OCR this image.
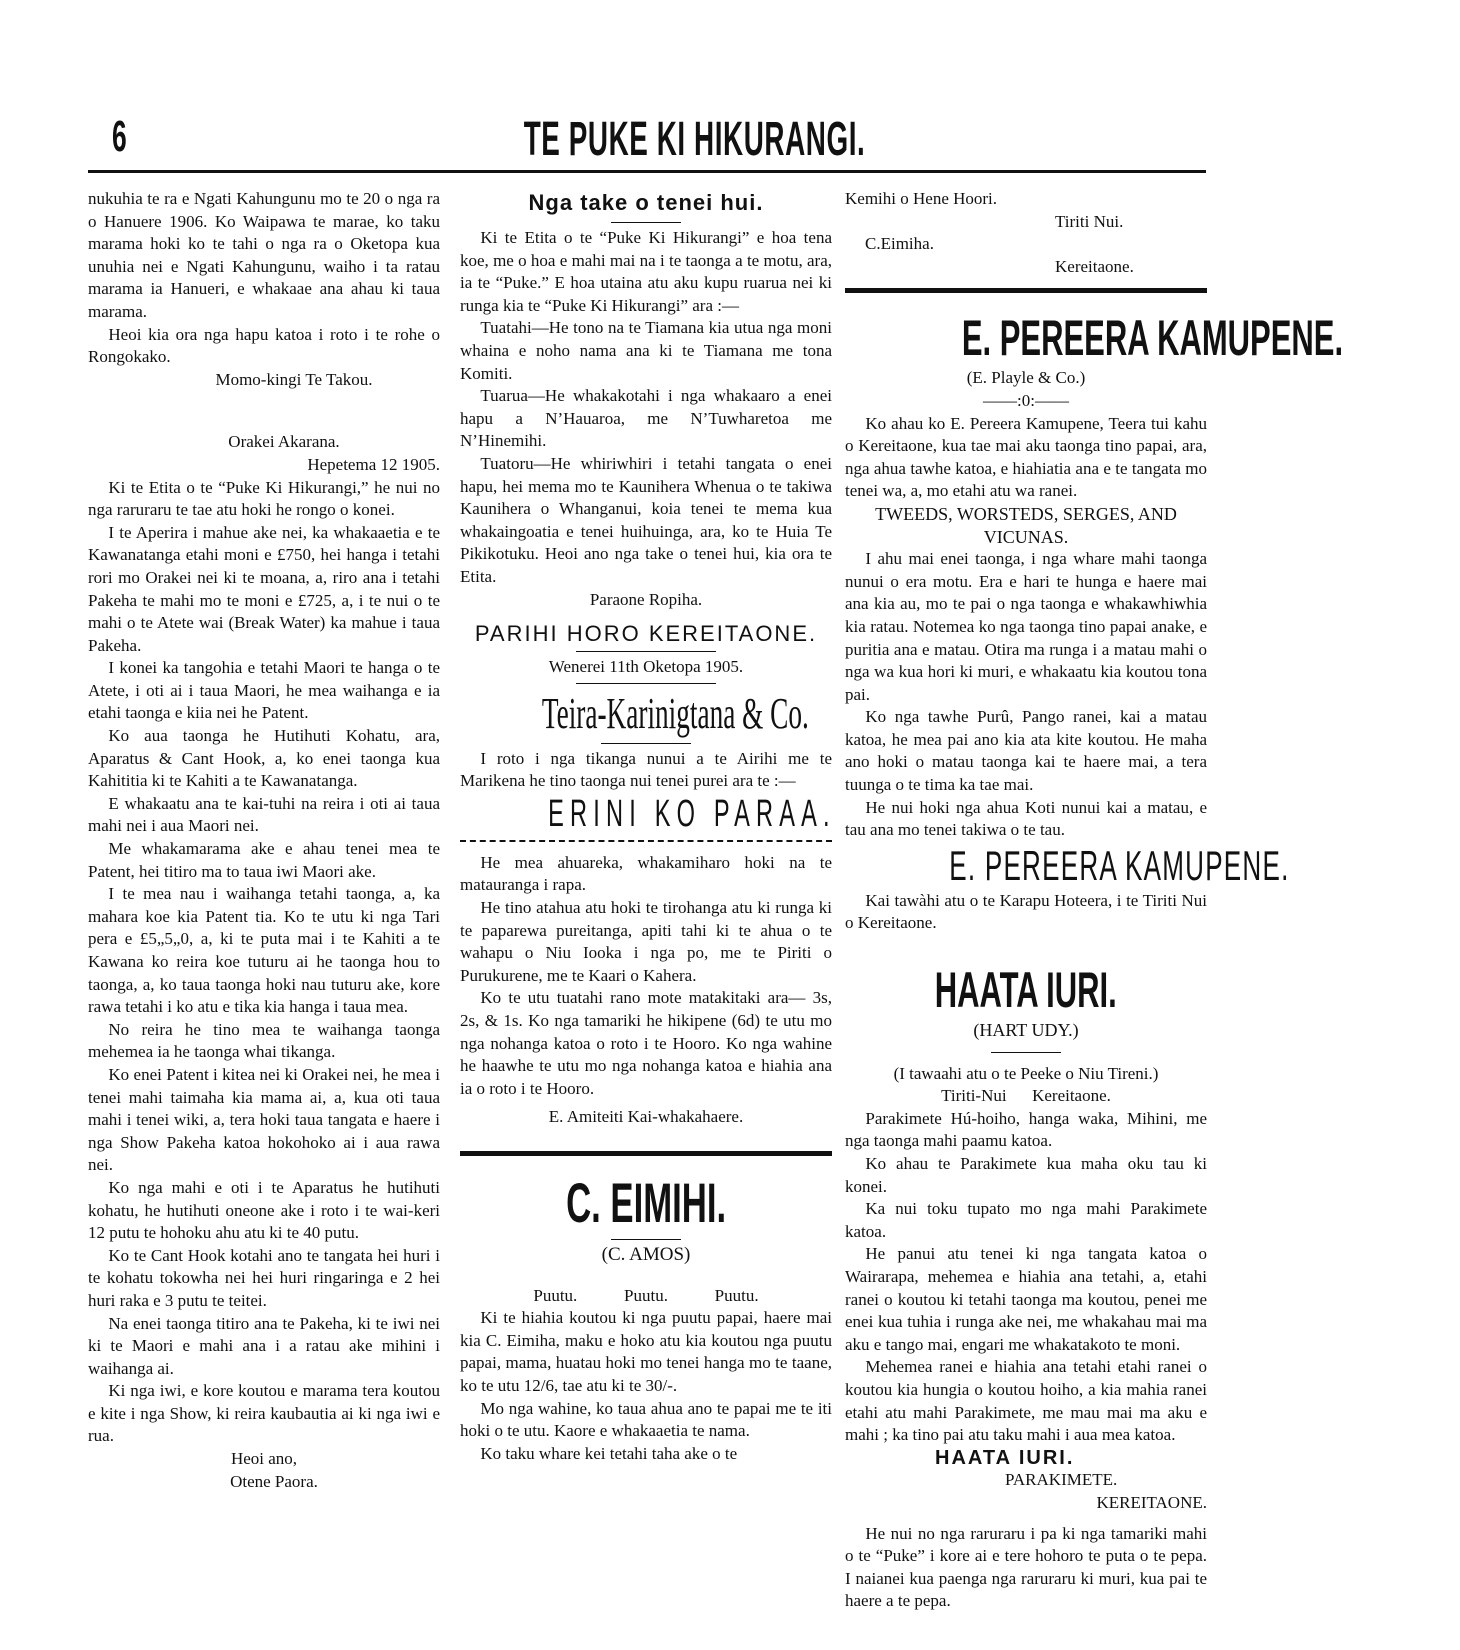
6	TE PUKE KI HIKURANGI.

nukuhia te ra e Ngati Kahungunu mo te 20 o nga ra o Hanuere 1906. Ko Waipawa te marae, ko taku marama hoki ko te tahi o nga ra o Oketopa kua unuhia nei e Ngati Kahungunu, waiho i ta ratau marama ia Hanueri, e whakaae ana ahau ki taua marama.

Heoi kia ora nga hapu katoa i roto i te rohe o Rongokako.

Momo-kingi Te Takou.
Orakei Akarana.
Hepetema 12 1905.

Ki te Etita o te “Puke Ki Hikurangi,” he nui no nga raruraru te tae atu hoki he rongo o konei.

I te Aperira i mahue ake nei, ka whakaaetia e te Kawanatanga etahi moni e £750, hei hanga i tetahi rori mo Orakei nei ki te moana, a, riro ana i tetahi Pakeha te mahi mo te moni e £725, a, i te nui o te mahi o te Atete wai (Break Water) ka mahue i taua Pakeha.

I konei ka tangohia e tetahi Maori te hanga o te Atete, i oti ai i taua Maori, he mea waihanga e ia etahi taonga e kiia nei he Patent.

Ko aua taonga he Hutihuti Kohatu, ara, Aparatus & Cant Hook, a, ko enei taonga kua Kahititia ki te Kahiti a te Kawanatanga.

E whakaatu ana te kai-tuhi na reira i oti ai taua mahi nei i aua Maori nei.

Me whakamarama ake e ahau tenei mea te Patent, hei titiro ma to taua iwi Maori ake.

I te mea nau i waihanga tetahi taonga, a, ka mahara koe kia Patent tia. Ko te utu ki nga Tari pera e £5„5„0, a, ki te puta mai i te Kahiti a te Kawana ko reira koe tuturu ai he taonga hou to taonga, a, ko taua taonga hoki nau tuturu ake, kore rawa tetahi i ko atu e tika kia hanga i taua mea.

No reira he tino mea te waihanga taonga mehemea ia he taonga whai tikanga.

Ko enei Patent i kitea nei ki Orakei nei, he mea i tenei mahi taimaha kia mama ai, a, kua oti taua mahi i tenei wiki, a, tera hoki taua tangata e haere i nga Show Pakeha katoa hokohoko ai i aua rawa nei.

Ko nga mahi e oti i te Aparatus he hutihuti kohatu, he hutihuti oneone ake i roto i te wai-keri 12 putu te hohoku ahu atu ki te 40 putu.

Ko te Cant Hook kotahi ano te tangata hei huri i te kohatu tokowha nei hei huri ringaringa e 2 hei huri raka e 3 putu te teitei.

Na enei taonga titiro ana te Pakeha, ki te iwi nei ki te Maori e mahi ana i a ratau ake mihini i waihanga ai.

Ki nga iwi, e kore koutou e marama tera koutou e kite i nga Show, ki reira kaubautia ai ki nga iwi e rua.

Heoi ano,
Otene Paora.
Nga take o tenei hui.

Ki te Etita o te “Puke Ki Hikurangi” e hoa tena koe, me o hoa e mahi mai na i te taonga a te motu, ara, ia te “Puke.” E hoa utaina atu aku kupu ruarua nei ki runga kia te “Puke Ki Hikurangi” ara :—

Tuatahi—He tono na te Tiamana kia utua nga moni whaina e noho nama ana ki te Tiamana me tona Komiti.

Tuarua—He whakakotahi i nga whakaaro a enei hapu a N’Hauaroa, me N’Tuwharetoa me N’Hinemihi.

Tuatoru—He whiriwhiri i tetahi tangata o enei hapu, hei mema mo te Kaunihera Whenua o te takiwa Kaunihera o Whanganui, koia tenei te mema kua whakaingoatia e tenei huihuinga, ara, ko te Huia Te Pikikotuku. Heoi ano nga take o tenei hui, kia ora te Etita.

Paraone Ropiha.
PARIHI HORO KEREITAONE.
Wenerei 11th Oketopa 1905.
Teira-Karinigtana & Co.

I roto i nga tikanga nunui a te Airihi me te Marikena he tino taonga nui tenei purei ara te :—

ERINI KO PARAA.

He mea ahuareka, whakamiharo hoki na te matauranga i rapa.

He tino atahua atu hoki te tirohanga atu ki runga ki te paparewa pureitanga, apiti tahi ki te ahua o te wahapu o Niu Iooka i nga po, me te Piriti o Purukurene, me te Kaari o Kahera.

Ko te utu tuatahi rano mote matakitaki ara— 3s, 2s, & 1s. Ko nga tamariki he hikipene (6d) te utu mo nga nohanga katoa o roto i te Hooro. Ko nga wahine he haawhe te utu mo nga nohanga katoa e hiahia ana ia o roto i te Hooro.

E. Amiteiti Kai-whakahaere.
C. EIMIHI.
(C. AMOS)
Puutu.	Puutu.	Puutu.

Ki te hiahia koutou ki nga puutu papai, haere mai kia C. Eimiha, maku e hoko atu kia koutou nga puutu papai, mama, huatau hoki mo tenei hanga mo te taane, ko te utu 12/6, tae atu ki te 30/-.

Mo nga wahine, ko taua ahua ano te papai me te iti hoki o te utu. Kaore e whakaaetia te nama.

Ko taku whare kei tetahi taha ake o te

Kemihi o Hene Hoori.

Tiriti Nui.
C.Eimiha.
Kereitaone.
E. PEREERA KAMUPENE.
(E. Playle & Co.)
——:0:——

Ko ahau ko E. Pereera Kamupene, Teera tui kahu o Kereitaone, kua tae mai aku taonga tino papai, ara, nga ahua tawhe katoa, e hiahiatia ana e te tangata mo tenei wa, a, mo etahi atu wa ranei.

TWEEDS, WORSTEDS, SERGES, AND VICUNAS.

I ahu mai enei taonga, i nga whare mahi taonga nunui o era motu. Era e hari te hunga e haere mai ana kia au, mo te pai o nga taonga e whakawhiwhia kia ratau. Notemea ko nga taonga tino papai anake, e puritia ana e matau. Otira ma runga i a matau mahi o nga wa kua hori ki muri, e whakaatu kia koutou tona pai.

Ko nga tawhe Purû, Pango ranei, kai a matau katoa, he mea pai ano kia ata kite koutou. He maha ano hoki o matau taonga kai te haere mai, a tera tuunga o te tima ka tae mai.

He nui hoki nga ahua Koti nunui kai a matau, e tau ana mo tenei takiwa o te tau.

E. PEREERA KAMUPENE.

Kai tawàhi atu o te Karapu Hoteera, i te Tiriti Nui o Kereitaone.

HAATA IURI.
(HART UDY.)
(I tawaahi atu o te Peeke o Niu Tireni.)
Tiriti-Nui      Kereitaone.

Parakimete Hú-hoiho, hanga waka, Mihini, me nga taonga mahi paamu katoa.

Ko ahau te Parakimete kua maha oku tau ki konei.

Ka nui toku tupato mo nga mahi Parakimete katoa.

He panui atu tenei ki nga tangata katoa o Wairarapa, mehemea e hiahia ana tetahi, a, etahi ranei o koutou ki tetahi taonga ma koutou, penei me enei kua tuhia i runga ake nei, me whakahau mai ma aku e tango mai, engari me whakatakoto te moni.

Mehemea ranei e hiahia ana tetahi etahi ranei o koutou kia hungia o koutou hoiho, a kia mahia ranei etahi atu mahi Parakimete, me mau mai ma aku e mahi ; ka tino pai atu taku mahi i aua mea katoa.

HAATA IURI.
PARAKIMETE.
KEREITAONE.

He nui no nga raruraru i pa ki nga tamariki mahi o te “Puke” i kore ai e tere hohoro te puta o te pepa. I naianei kua paenga nga raruraru ki muri, kua pai te haere a te pepa.
